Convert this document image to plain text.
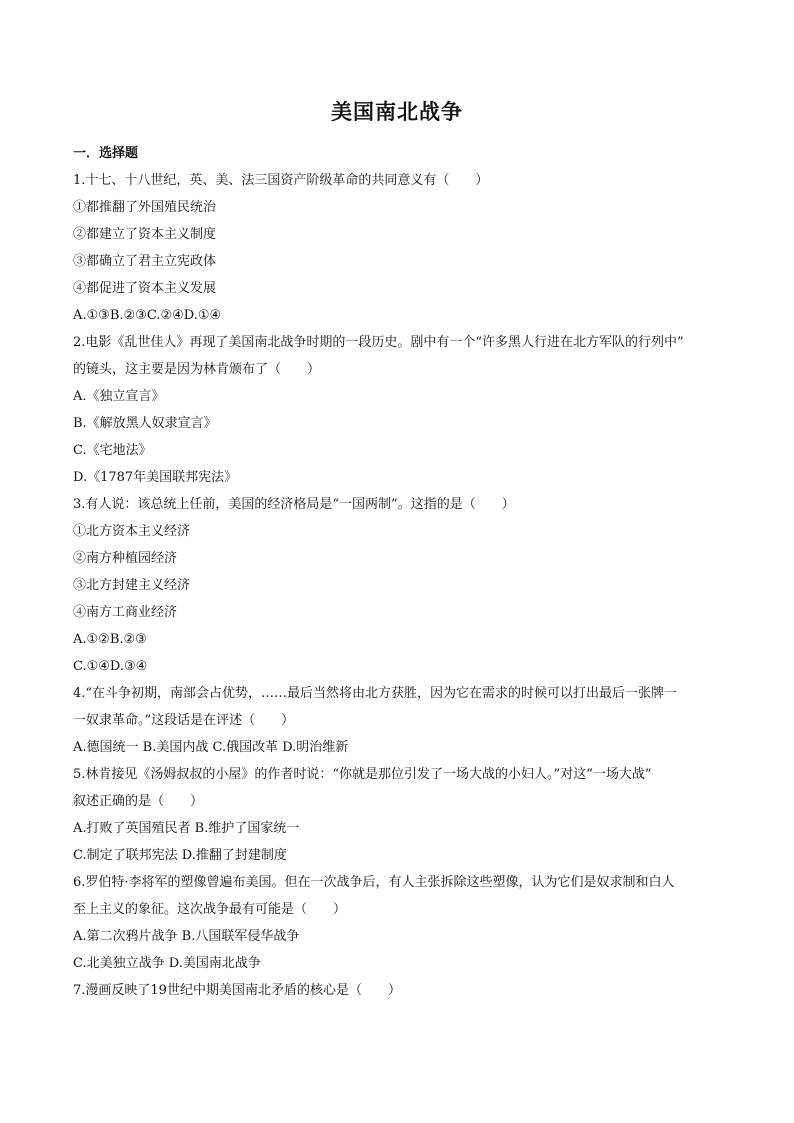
美国南北战争
一．选择题
1.十七、十八世纪，英、美、法三国资产阶级革命的共同意义有（　　）
①都推翻了外国殖民统治
②都建立了资本主义制度
③都确立了君主立宪政体
④都促进了资本主义发展
A.①③B.②③C.②④D.①④
2.电影《乱世佳人》再现了美国南北战争时期的一段历史。剧中有一个“许多黑人行进在北方军队的行列中”
的镜头，这主要是因为林肯颁布了（　　）
A.《独立宣言》
B.《解放黑人奴隶宣言》
C.《宅地法》
D.《1787年美国联邦宪法》
3.有人说：该总统上任前，美国的经济格局是“一国两制”。这指的是（　　）
①北方资本主义经济
②南方种植园经济
③北方封建主义经济
④南方工商业经济
A.①②B.②③
C.①④D.③④
4.“在斗争初期，南部会占优势，……最后当然将由北方获胜，因为它在需求的时候可以打出最后一张牌一
一奴隶革命。”这段话是在评述（　　）
A.德国统一 B.美国内战 C.俄国改革 D.明治维新
5.林肯接见《汤姆叔叔的小屋》的作者时说：“你就是那位引发了一场大战的小妇人。”对这“一场大战”
叙述正确的是（　　）
A.打败了英国殖民者 B.维护了国家统一
C.制定了联邦宪法 D.推翻了封建制度
6.罗伯特·李将军的塑像曾遍布美国。但在一次战争后，有人主张拆除这些塑像，认为它们是奴求制和白人
至上主义的象征。这次战争最有可能是（　　）
A.第二次鸦片战争 B.八国联军侵华战争
C.北美独立战争 D.美国南北战争
7.漫画反映了19世纪中期美国南北矛盾的核心是（　　）
